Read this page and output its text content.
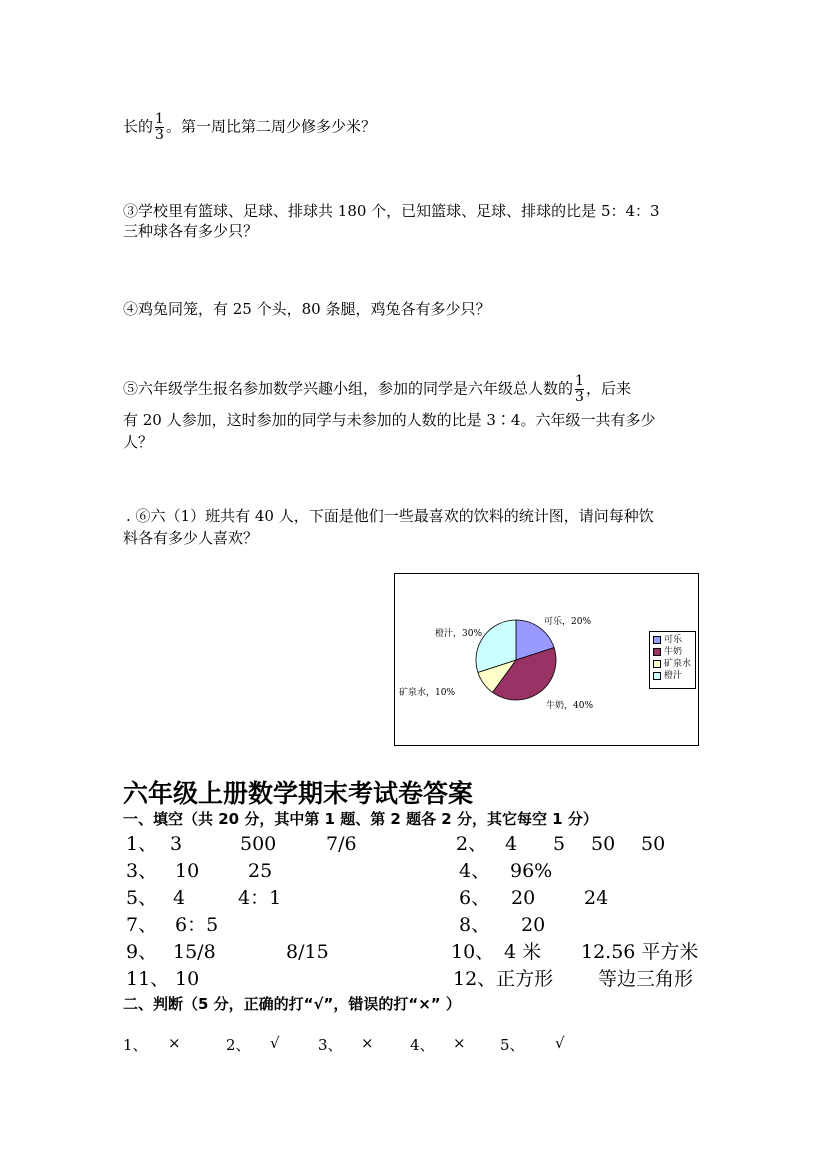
长的 $\frac{1}{3}$ 。第一周比第二周少修多少米？
③学校里有篮球、足球、排球共 180 个，已知篮球、足球、排球的比是 5：4：3
三种球各有多少只？
④鸡兔同笼，有 25 个头，80 条腿，鸡兔各有多少只？
⑤六年级学生报名参加数学兴趣小组，参加的同学是六年级总人数的 $\frac{1}{3}$ ，后来
有 20 人参加，这时参加的同学与未参加的人数的比是 3∶4。六年级一共有多少
人？
. ⑥六（1）班共有 40 人，下面是他们一些最喜欢的饮料的统计图，请问每种饮
料各有多少人喜欢？
可乐，20%
牛奶，40%
矿泉水，10%
橙汁，30%
可乐
牛奶
矿泉水
橙汁
六年级上册数学期末考试卷答案
一、填空（共 20 分，其中第 1 题、第 2 题各 2 分，其它每空 1 分）
1、 3	500	7/6	2、 4 5 50 50
3、 10	25	4、 96%
5、 4	4：1	6、 20	24
7、 6：5	8、 20
9、 15/8	8/15	10、 4 米 12.56 平方米
11、 10	12、正方形 等边三角形
二、判断（5 分，正确的打“√”，错误的打“×” ）
1、 ×	2、 √	3、 × 4、 × 5、 √
